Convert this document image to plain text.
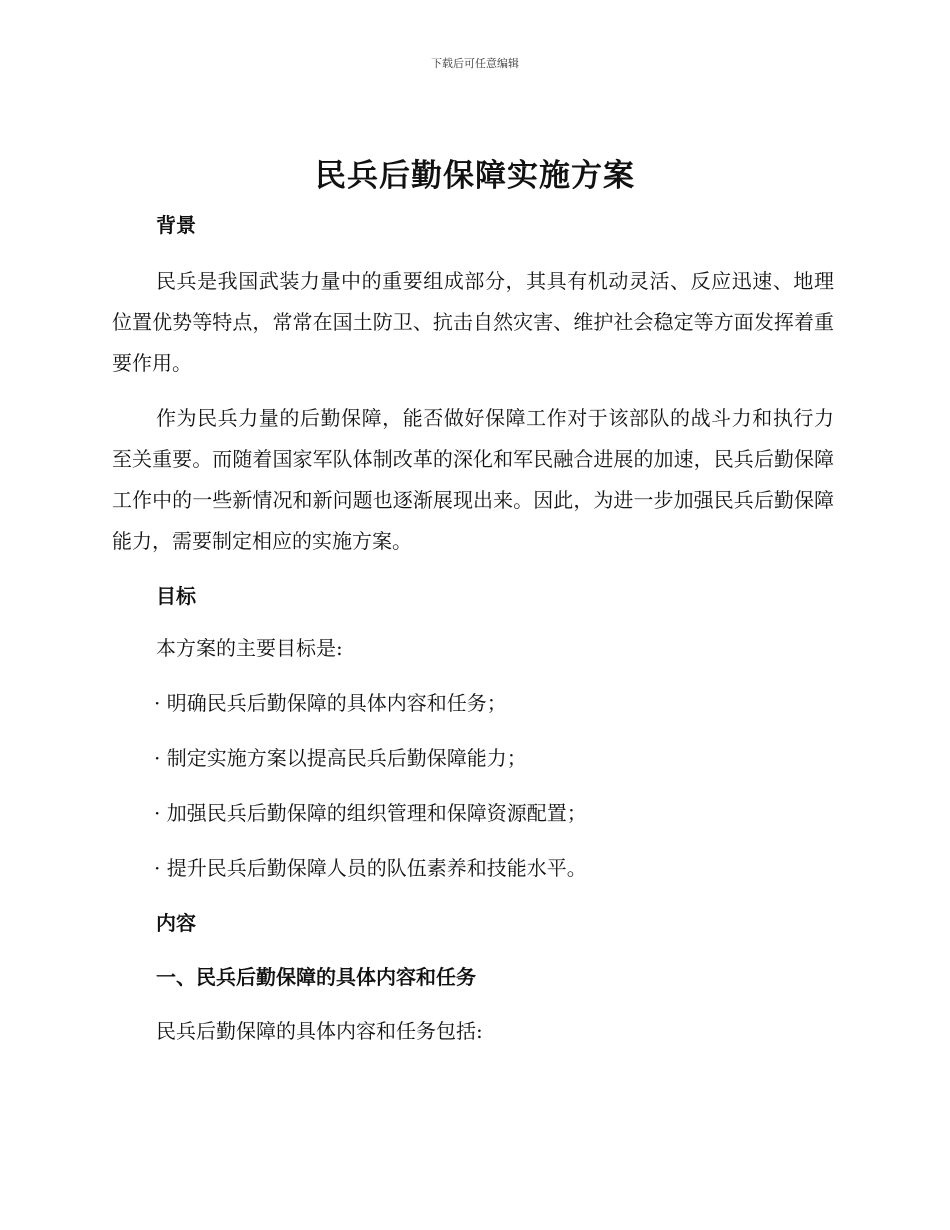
下载后可任意编辑
民兵后勤保障实施方案

背景

民兵是我国武装力量中的重要组成部分，其具有机动灵活、反应迅速、地理位置优势等特点，常常在国土防卫、抗击自然灾害、维护社会稳定等方面发挥着重要作用。

作为民兵力量的后勤保障，能否做好保障工作对于该部队的战斗力和执行力至关重要。而随着国家军队体制改革的深化和军民融合进展的加速，民兵后勤保障工作中的一些新情况和新问题也逐渐展现出来。因此，为进一步加强民兵后勤保障能力，需要制定相应的实施方案。

目标

本方案的主要目标是:

· 明确民兵后勤保障的具体内容和任务；

· 制定实施方案以提高民兵后勤保障能力；

· 加强民兵后勤保障的组织管理和保障资源配置；

· 提升民兵后勤保障人员的队伍素养和技能水平。

内容

一、民兵后勤保障的具体内容和任务

民兵后勤保障的具体内容和任务包括:
